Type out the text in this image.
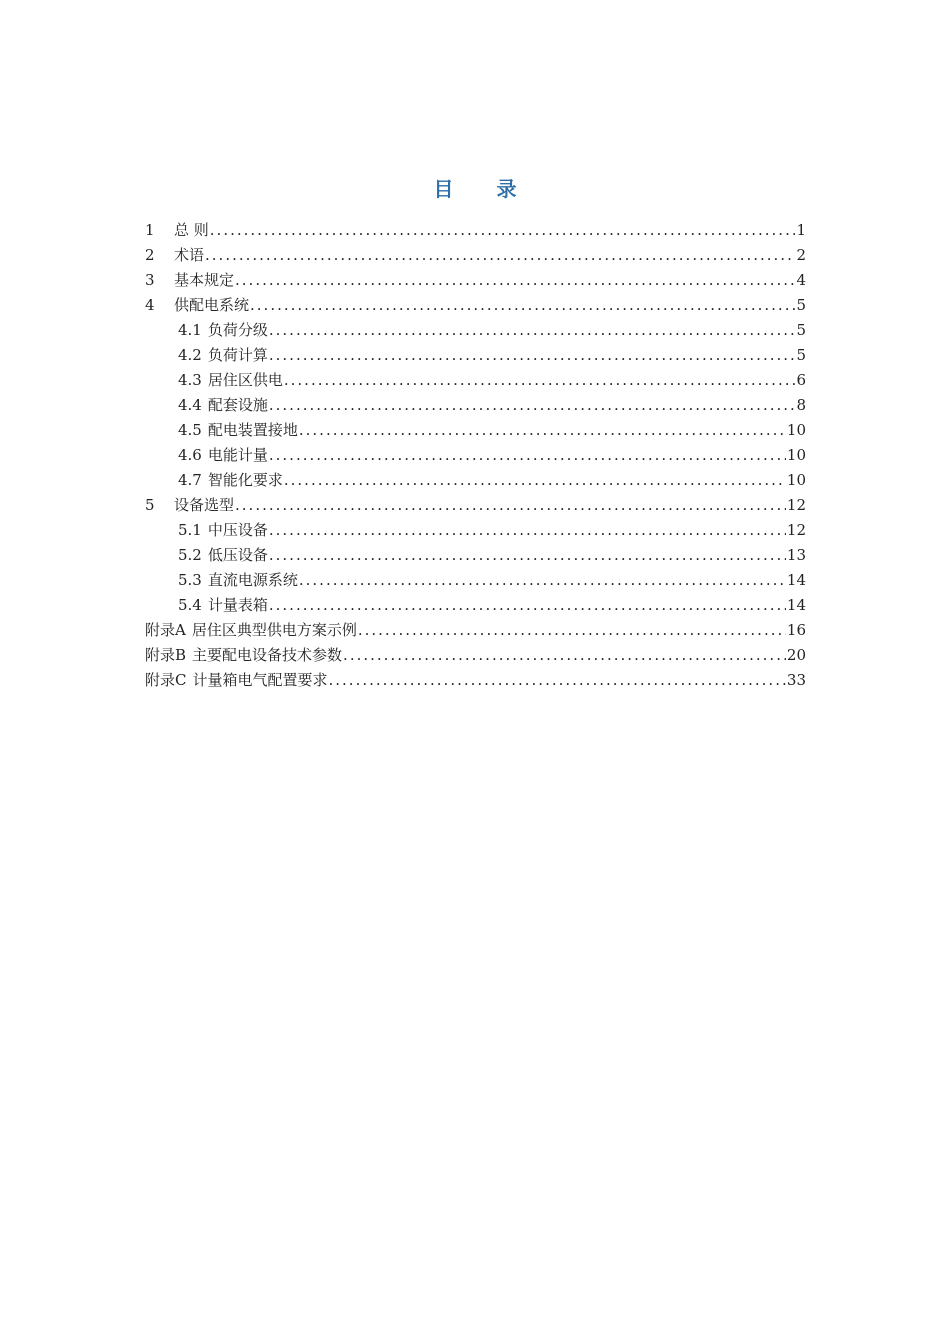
目 录
1	总 则 .....	1
2	术语 .....	2
3	基本规定 .....	4
4	供配电系统 .....	5
4.1 负荷分级 .....	5
4.2 负荷计算 .....	5
4.3 居住区供电 .....	6
4.4 配套设施 .....	8
4.5 配电装置接地 .....	10
4.6 电能计量 .....	10
4.7 智能化要求 .....	10
5	设备选型 .....	12
5.1 中压设备 .....	12
5.2 低压设备 .....	13
5.3 直流电源系统 .....	14
5.4 计量表箱 .....	14
附录A 居住区典型供电方案示例 .....	16
附录B 主要配电设备技术参数 .....	20
附录C 计量箱电气配置要求 .....	33
